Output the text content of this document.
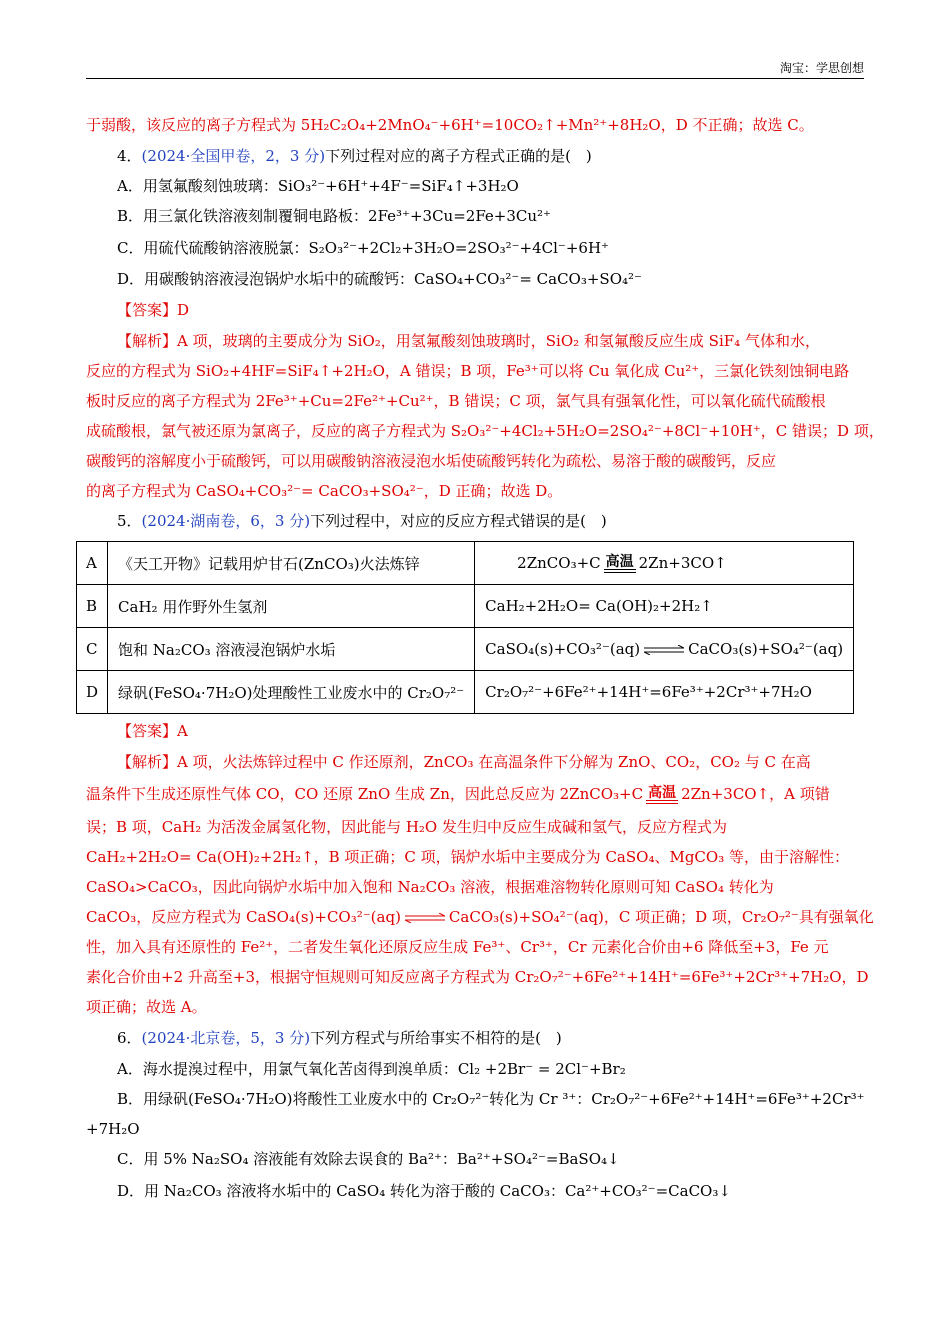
淘宝：学思创想
于弱酸，该反应的离子方程式为 5H₂C₂O₄+2MnO₄⁻+6H⁺=10CO₂↑+Mn²⁺+8H₂O，D 不正确；故选 C。
4．(2024·全国甲卷，2，3 分)下列过程对应的离子方程式正确的是(　)
A．用氢氟酸刻蚀玻璃：SiO₃²⁻+6H⁺+4F⁻=SiF₄↑+3H₂O
B．用三氯化铁溶液刻制覆铜电路板：2Fe³⁺+3Cu=2Fe+3Cu²⁺
C．用硫代硫酸钠溶液脱氯：S₂O₃²⁻+2Cl₂+3H₂O=2SO₃²⁻+4Cl⁻+6H⁺
D．用碳酸钠溶液浸泡锅炉水垢中的硫酸钙：CaSO₄+CO₃²⁻= CaCO₃+SO₄²⁻
【答案】D
【解析】A 项，玻璃的主要成分为 SiO₂，用氢氟酸刻蚀玻璃时，SiO₂ 和氢氟酸反应生成 SiF₄ 气体和水，
反应的方程式为 SiO₂+4HF=SiF₄↑+2H₂O，A 错误；B 项，Fe³⁺可以将 Cu 氧化成 Cu²⁺，三氯化铁刻蚀铜电路
板时反应的离子方程式为 2Fe³⁺+Cu=2Fe²⁺+Cu²⁺，B 错误；C 项，氯气具有强氧化性，可以氧化硫代硫酸根
成硫酸根，氯气被还原为氯离子，反应的离子方程式为 S₂O₃²⁻+4Cl₂+5H₂O=2SO₄²⁻+8Cl⁻+10H⁺，C 错误；D 项，
碳酸钙的溶解度小于硫酸钙，可以用碳酸钠溶液浸泡水垢使硫酸钙转化为疏松、易溶于酸的碳酸钙，反应
的离子方程式为 CaSO₄+CO₃²⁻= CaCO₃+SO₄²⁻，D 正确；故选 D。
5．(2024·湖南卷，6，3 分)下列过程中，对应的反应方程式错误的是(　)
A	《天工开物》记载用炉甘石(ZnCO₃)火法炼锌	2ZnCO₃+C 高温 2Zn+3CO↑
B	CaH₂ 用作野外生氢剂	CaH₂+2H₂O= Ca(OH)₂+2H₂↑
C	饱和 Na₂CO₃ 溶液浸泡锅炉水垢	CaSO₄(s)+CO₃²⁻(aq) ⇌ CaCO₃(s)+SO₄²⁻(aq)
D	绿矾(FeSO₄·7H₂O)处理酸性工业废水中的 Cr₂O₇²⁻	Cr₂O₇²⁻+6Fe²⁺+14H⁺=6Fe³⁺+2Cr³⁺+7H₂O
【答案】A
【解析】A 项，火法炼锌过程中 C 作还原剂，ZnCO₃ 在高温条件下分解为 ZnO、CO₂，CO₂ 与 C 在高
温条件下生成还原性气体 CO，CO 还原 ZnO 生成 Zn，因此总反应为 2ZnCO₃+C 高温 2Zn+3CO↑，A 项错
误；B 项，CaH₂ 为活泼金属氢化物，因此能与 H₂O 发生归中反应生成碱和氢气，反应方程式为
CaH₂+2H₂O= Ca(OH)₂+2H₂↑，B 项正确；C 项，锅炉水垢中主要成分为 CaSO₄、MgCO₃ 等，由于溶解性：
CaSO₄>CaCO₃，因此向锅炉水垢中加入饱和 Na₂CO₃ 溶液，根据难溶物转化原则可知 CaSO₄ 转化为
CaCO₃，反应方程式为 CaSO₄(s)+CO₃²⁻(aq) ⇌ CaCO₃(s)+SO₄²⁻(aq)，C 项正确；D 项，Cr₂O₇²⁻具有强氧化
性，加入具有还原性的 Fe²⁺，二者发生氧化还原反应生成 Fe³⁺、Cr³⁺，Cr 元素化合价由+6 降低至+3，Fe 元
素化合价由+2 升高至+3，根据守恒规则可知反应离子方程式为 Cr₂O₇²⁻+6Fe²⁺+14H⁺=6Fe³⁺+2Cr³⁺+7H₂O，D
项正确；故选 A。
6．(2024·北京卷，5，3 分)下列方程式与所给事实不相符的是(　)
A．海水提溴过程中，用氯气氧化苦卤得到溴单质：Cl₂ +2Br⁻ = 2Cl⁻+Br₂
B．用绿矾(FeSO₄·7H₂O)将酸性工业废水中的 Cr₂O₇²⁻转化为 Cr ³⁺：Cr₂O₇²⁻+6Fe²⁺+14H⁺=6Fe³⁺+2Cr³⁺
+7H₂O
C．用 5% Na₂SO₄ 溶液能有效除去误食的 Ba²⁺：Ba²⁺+SO₄²⁻=BaSO₄↓
D．用 Na₂CO₃ 溶液将水垢中的 CaSO₄ 转化为溶于酸的 CaCO₃：Ca²⁺+CO₃²⁻=CaCO₃↓
